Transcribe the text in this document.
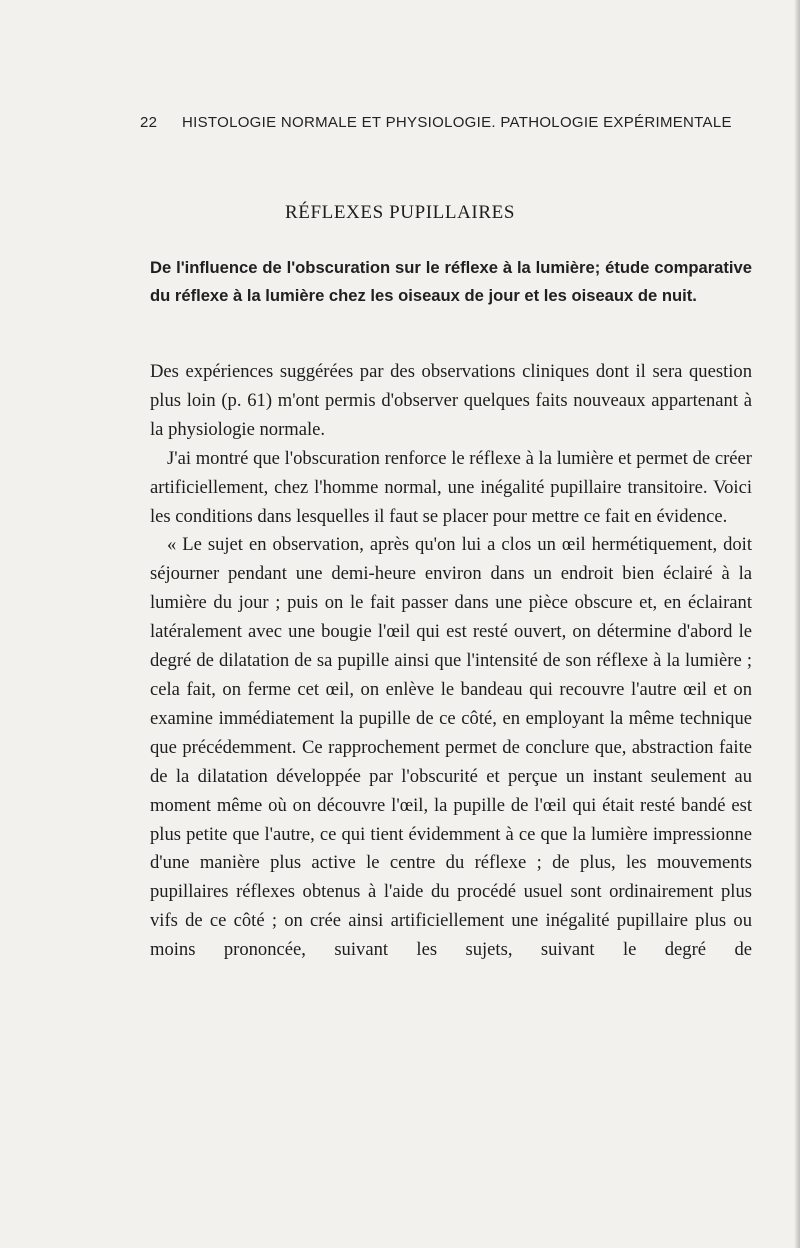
22 HISTOLOGIE NORMALE ET PHYSIOLOGIE. PATHOLOGIE EXPÉRIMENTALE
RÉFLEXES PUPILLAIRES
De l'influence de l'obscuration sur le réflexe à la lumière; étude comparative du réflexe à la lumière chez les oiseaux de jour et les oiseaux de nuit.

Des expériences suggérées par des observations cliniques dont il sera question plus loin (p. 61) m'ont permis d'observer quelques faits nouveaux appartenant à la physiologie normale.

J'ai montré que l'obscuration renforce le réflexe à la lumière et permet de créer artificiellement, chez l'homme normal, une inégalité pupillaire transitoire. Voici les conditions dans lesquelles il faut se placer pour mettre ce fait en évidence.

« Le sujet en observation, après qu'on lui a clos un œil hermétiquement, doit séjourner pendant une demi-heure environ dans un endroit bien éclairé à la lumière du jour ; puis on le fait passer dans une pièce obscure et, en éclairant latéralement avec une bougie l'œil qui est resté ouvert, on détermine d'abord le degré de dilatation de sa pupille ainsi que l'intensité de son réflexe à la lumière ; cela fait, on ferme cet œil, on enlève le bandeau qui recouvre l'autre œil et on examine immédiatement la pupille de ce côté, en employant la même technique que précédemment. Ce rapprochement permet de conclure que, abstraction faite de la dilatation développée par l'obscurité et perçue un instant seulement au moment même où on découvre l'œil, la pupille de l'œil qui était resté bandé est plus petite que l'autre, ce qui tient évidemment à ce que la lumière impressionne d'une manière plus active le centre du réflexe ; de plus, les mouvements pupillaires réflexes obtenus à l'aide du procédé usuel sont ordinairement plus vifs de ce côté ; on crée ainsi artificiellement une inégalité pupillaire plus ou moins prononcée, suivant les sujets, suivant le degré de
